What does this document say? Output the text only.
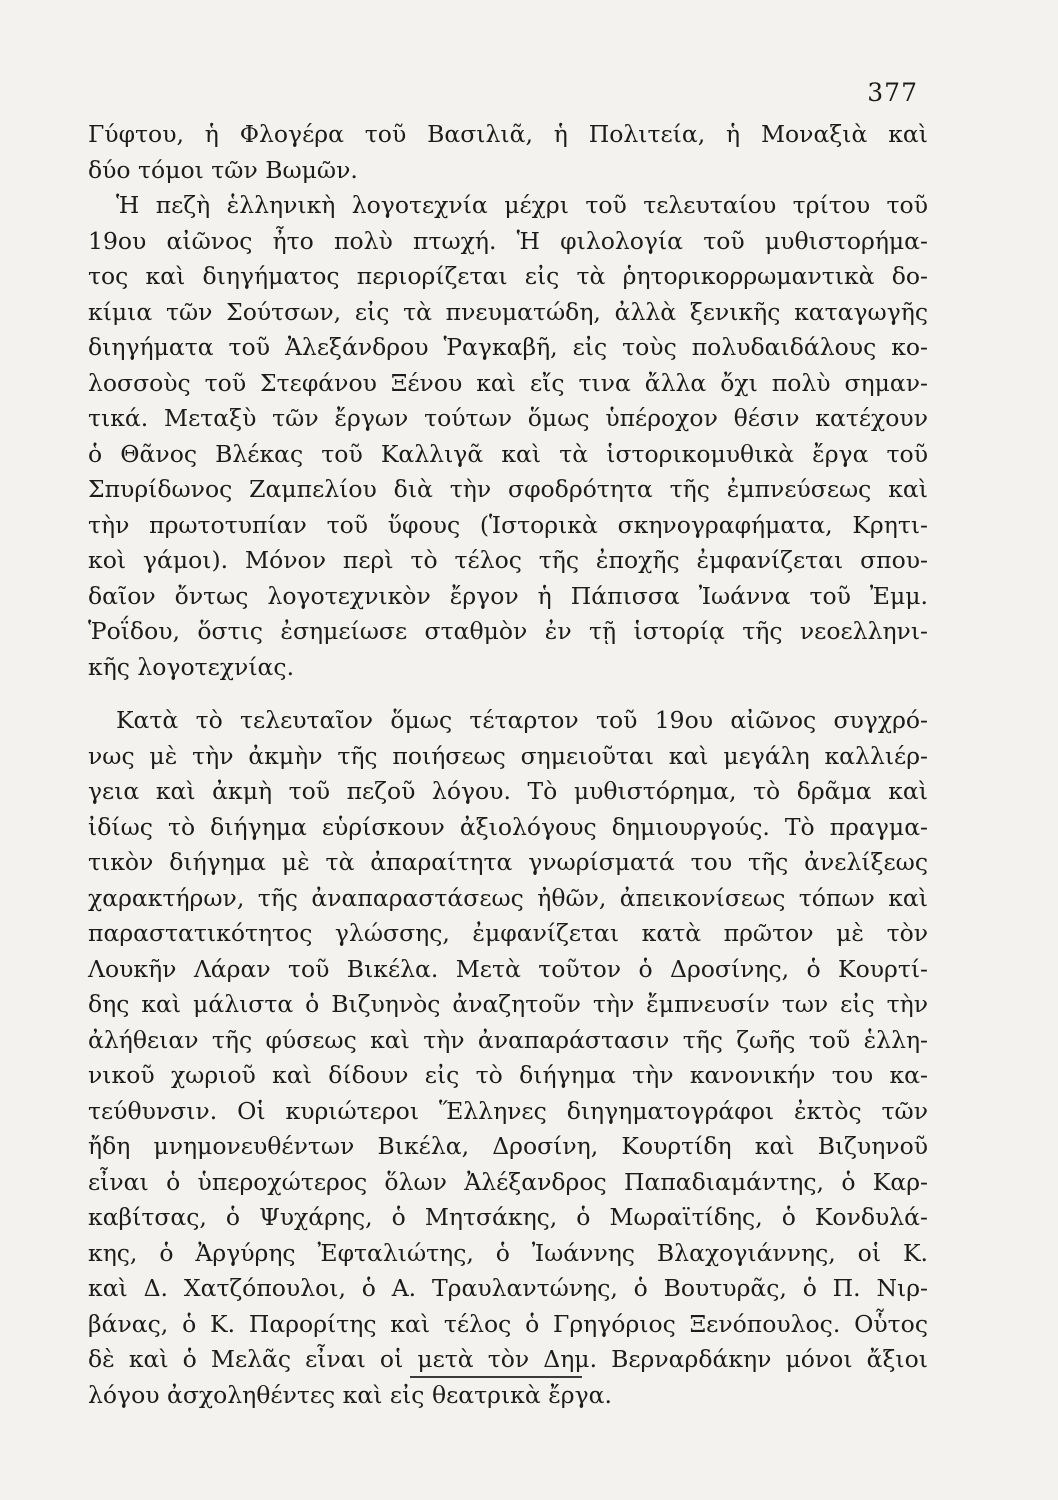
377
Γύφτου, ἡ Φλογέρα τοῦ Βασιλιᾶ, ἡ Πολιτεία, ἡ Μοναξιὰ καὶ
δύο τόμοι τῶν Βωμῶν.
Ἡ πεζὴ ἑλληνικὴ λογοτεχνία μέχρι τοῦ τελευταίου τρίτου τοῦ
19ου αἰῶνος ἦτο πολὺ πτωχή. Ἡ φιλολογία τοῦ μυθιστορήμα-
τος καὶ διηγήματος περιορίζεται εἰς τὰ ῥητορικορρωμαντικὰ δο-
κίμια τῶν Σούτσων, εἰς τὰ πνευματώδη, ἀλλὰ ξενικῆς καταγωγῆς
διηγήματα τοῦ Ἀλεξάνδρου Ῥαγκαβῆ, εἰς τοὺς πολυδαιδάλους κο-
λοσσοὺς τοῦ Στεφάνου Ξένου καὶ εἴς τινα ἄλλα ὄχι πολὺ σημαν-
τικά. Μεταξὺ τῶν ἔργων τούτων ὅμως ὑπέροχον θέσιν κατέχουν
ὁ Θᾶνος Βλέκας τοῦ Καλλιγᾶ καὶ τὰ ἱστορικομυθικὰ ἔργα τοῦ
Σπυρίδωνος Ζαμπελίου διὰ τὴν σφοδρότητα τῆς ἐμπνεύσεως καὶ
τὴν πρωτοτυπίαν τοῦ ὕφους (Ἱστορικὰ σκηνογραφήματα, Κρητι-
κοὶ γάμοι). Μόνον περὶ τὸ τέλος τῆς ἐποχῆς ἐμφανίζεται σπου-
δαῖον ὄντως λογοτεχνικὸν ἔργον ἡ Πάπισσα Ἰωάννα τοῦ Ἐμμ.
Ῥοΐδου, ὅστις ἐσημείωσε σταθμὸν ἐν τῇ ἱστορίᾳ τῆς νεοελληνι-
κῆς λογοτεχνίας.
Κατὰ τὸ τελευταῖον ὅμως τέταρτον τοῦ 19ου αἰῶνος συγχρό-
νως μὲ τὴν ἀκμὴν τῆς ποιήσεως σημειοῦται καὶ μεγάλη καλλιέρ-
γεια καὶ ἀκμὴ τοῦ πεζοῦ λόγου. Τὸ μυθιστόρημα, τὸ δρᾶμα καὶ
ἰδίως τὸ διήγημα εὑρίσκουν ἀξιολόγους δημιουργούς. Τὸ πραγμα-
τικὸν διήγημα μὲ τὰ ἀπαραίτητα γνωρίσματά του τῆς ἀνελίξεως
χαρακτήρων, τῆς ἀναπαραστάσεως ἠθῶν, ἀπεικονίσεως τόπων καὶ
παραστατικότητος γλώσσης, ἐμφανίζεται κατὰ πρῶτον μὲ τὸν
Λουκῆν Λάραν τοῦ Βικέλα. Μετὰ τοῦτον ὁ Δροσίνης, ὁ Κουρτί-
δης καὶ μάλιστα ὁ Βιζυηνὸς ἀναζητοῦν τὴν ἔμπνευσίν των εἰς τὴν
ἀλήθειαν τῆς φύσεως καὶ τὴν ἀναπαράστασιν τῆς ζωῆς τοῦ ἑλλη-
νικοῦ χωριοῦ καὶ δίδουν εἰς τὸ διήγημα τὴν κανονικήν του κα-
τεύθυνσιν. Οἱ κυριώτεροι Ἕλληνες διηγηματογράφοι ἐκτὸς τῶν
ἤδη μνημονευθέντων Βικέλα, Δροσίνη, Κουρτίδη καὶ Βιζυηνοῦ
εἶναι ὁ ὑπεροχώτερος ὅλων Ἀλέξανδρος Παπαδιαμάντης, ὁ Καρ-
καβίτσας, ὁ Ψυχάρης, ὁ Μητσάκης, ὁ Μωραϊτίδης, ὁ Κονδυλά-
κης, ὁ Ἀργύρης Ἐφταλιώτης, ὁ Ἰωάννης Βλαχογιάννης, οἱ Κ.
καὶ Δ. Χατζόπουλοι, ὁ Α. Τραυλαντώνης, ὁ Βουτυρᾶς, ὁ Π. Νιρ-
βάνας, ὁ Κ. Παρορίτης καὶ τέλος ὁ Γρηγόριος Ξενόπουλος. Οὗτος
δὲ καὶ ὁ Μελᾶς εἶναι οἱ μετὰ τὸν Δημ. Βερναρδάκην μόνοι ἄξιοι
λόγου ἀσχοληθέντες καὶ εἰς θεατρικὰ ἔργα.
